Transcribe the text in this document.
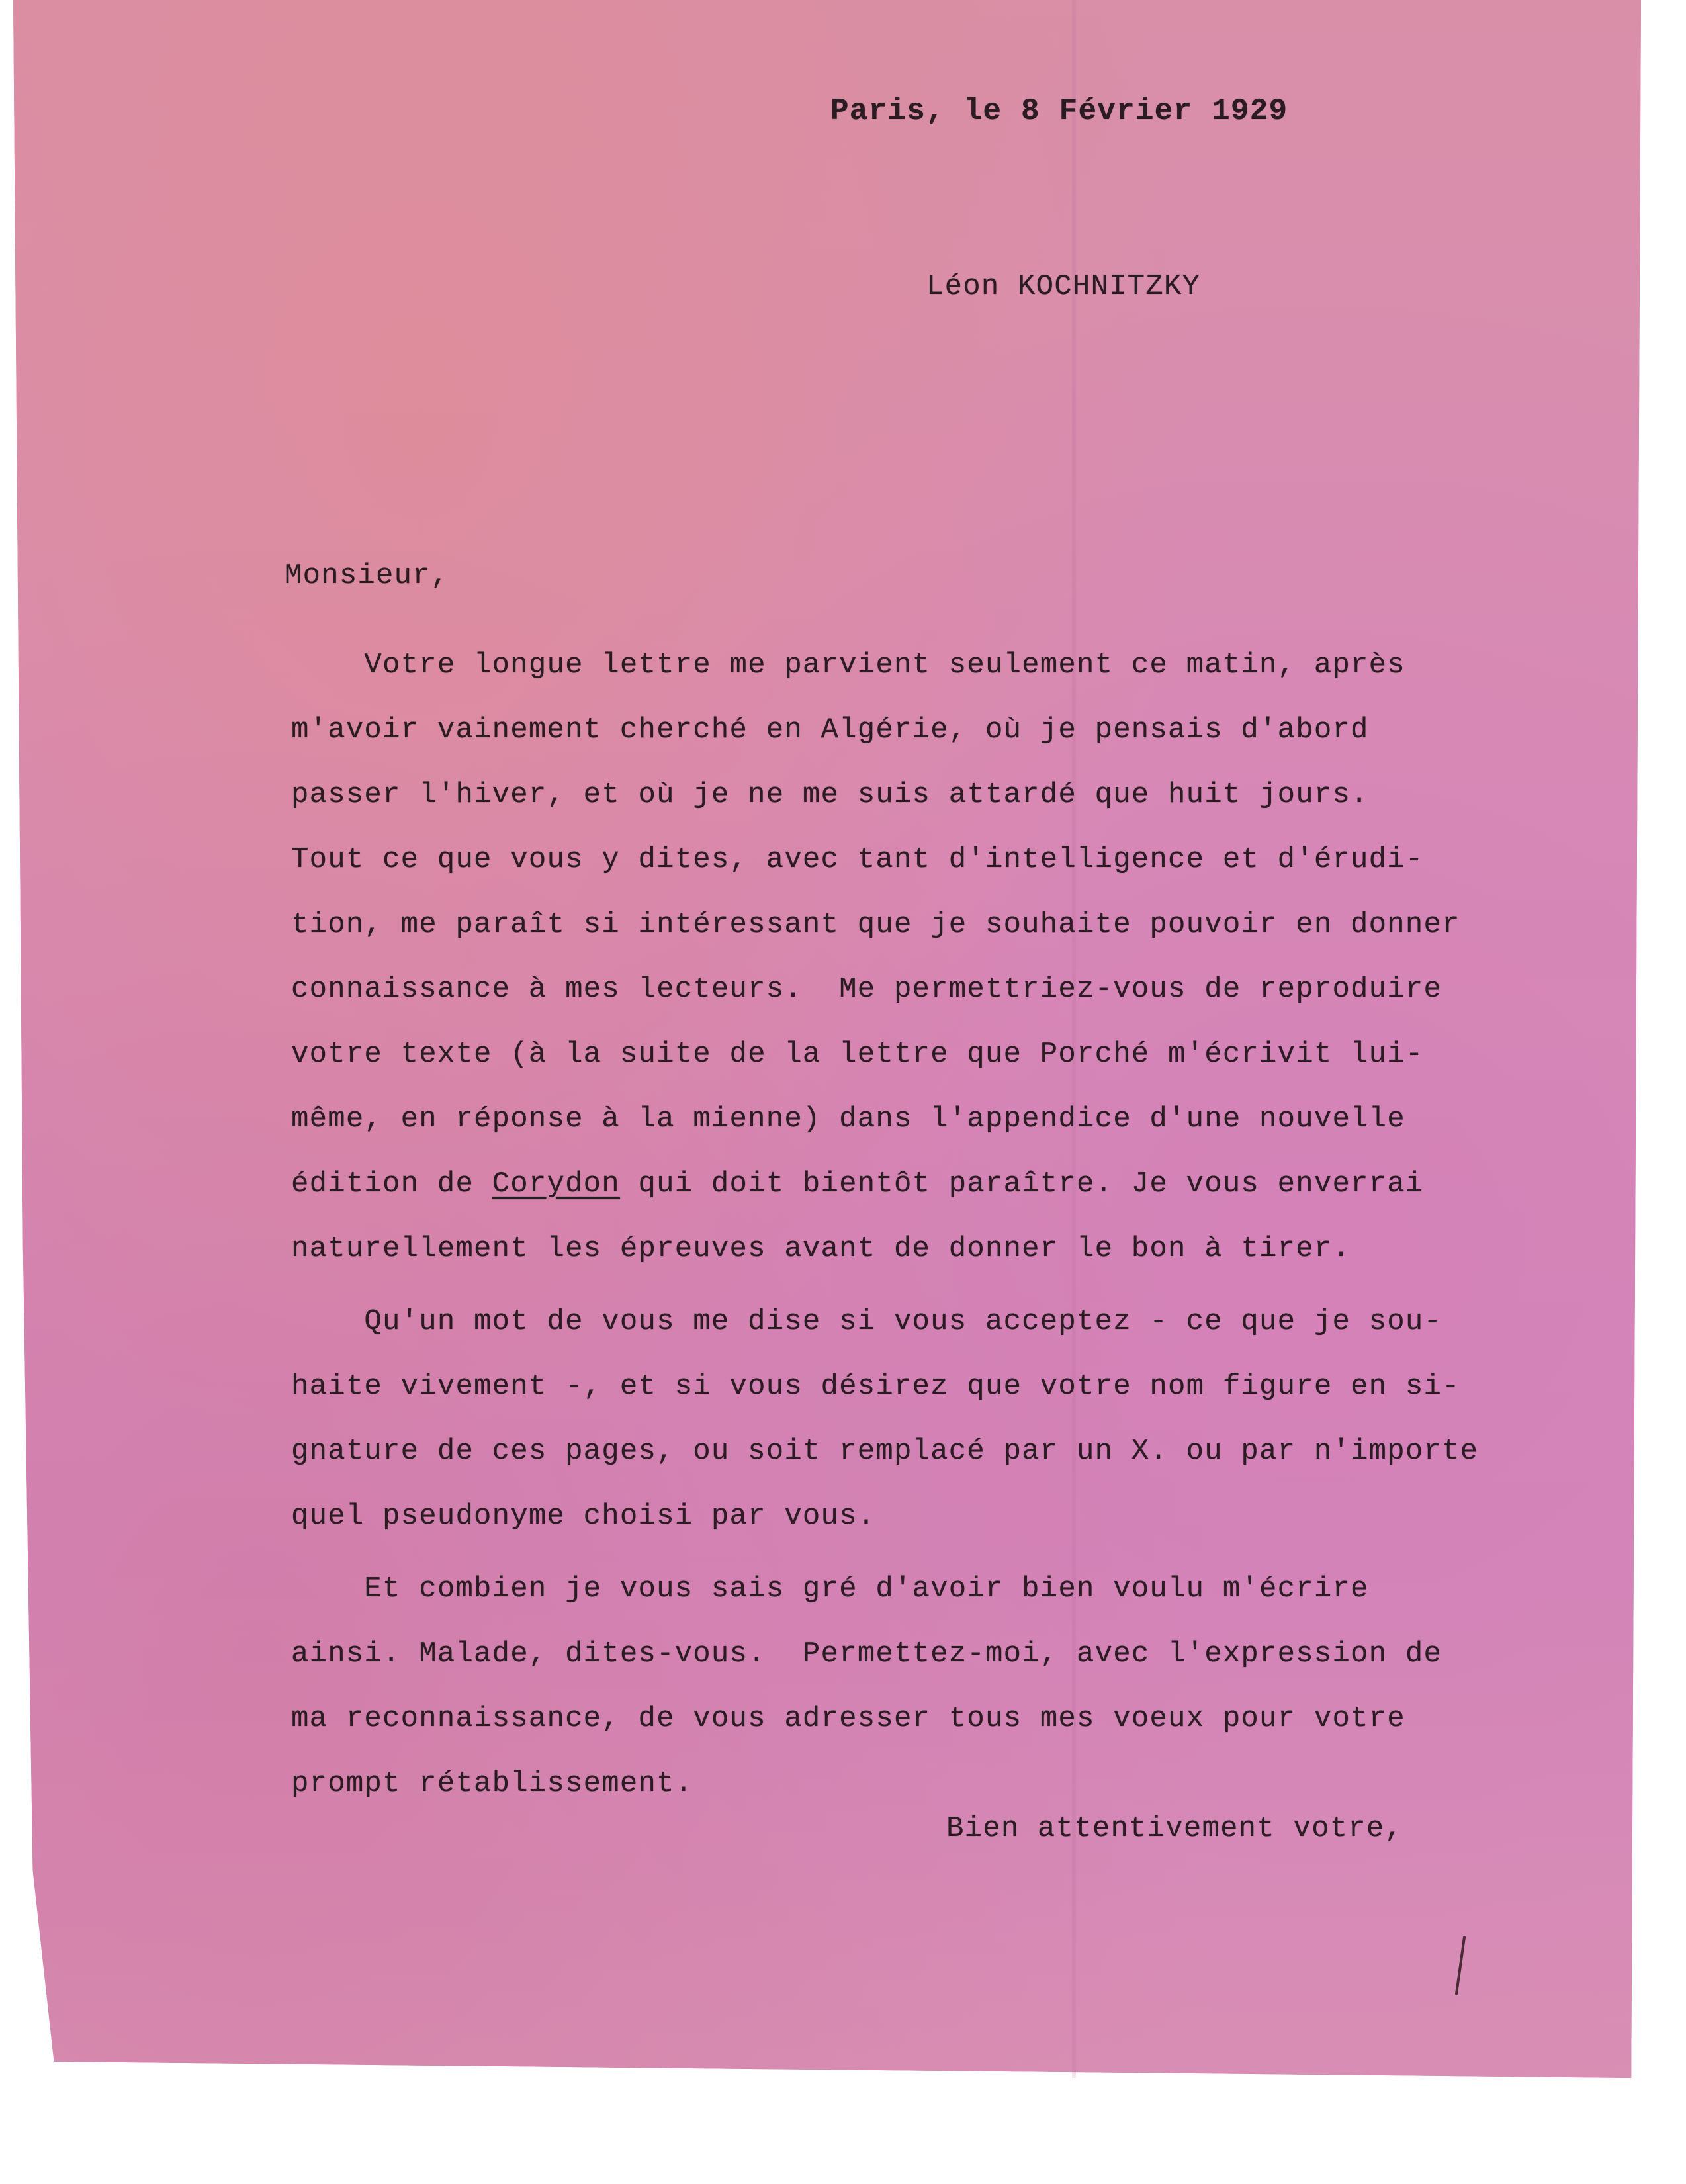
Paris, le 8 Février 1929
Léon KOCHNITZKY
Monsieur,
Votre longue lettre me parvient seulement ce matin, après
m'avoir vainement cherché en Algérie, où je pensais d'abord
passer l'hiver, et où je ne me suis attardé que huit jours.
Tout ce que vous y dites, avec tant d'intelligence et d'érudi-
tion, me paraît si intéressant que je souhaite pouvoir en donner
connaissance à mes lecteurs.  Me permettriez-vous de reproduire
votre texte (à la suite de la lettre que Porché m'écrivit lui-
même, en réponse à la mienne) dans l'appendice d'une nouvelle
édition de Corydon qui doit bientôt paraître. Je vous enverrai
naturellement les épreuves avant de donner le bon à tirer.
Qu'un mot de vous me dise si vous acceptez - ce que je sou-
haite vivement -, et si vous désirez que votre nom figure en si-
gnature de ces pages, ou soit remplacé par un X. ou par n'importe
quel pseudonyme choisi par vous.
Et combien je vous sais gré d'avoir bien voulu m'écrire
ainsi. Malade, dites-vous.  Permettez-moi, avec l'expression de
ma reconnaissance, de vous adresser tous mes voeux pour votre
prompt rétablissement.
Bien attentivement votre,
